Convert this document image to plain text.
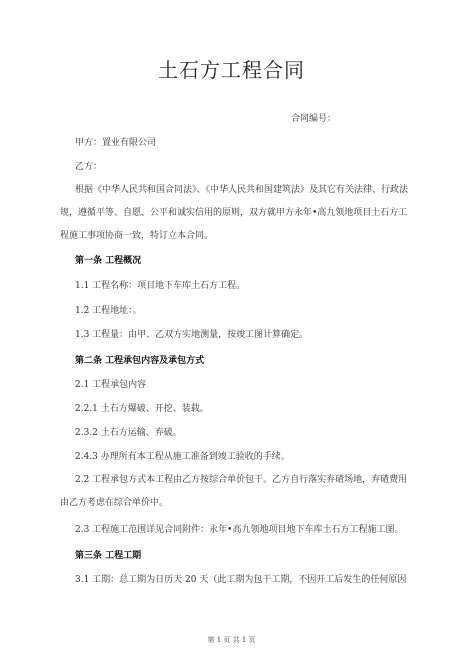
土石方工程合同
合同编号：
甲方：置业有限公司
乙方：
根据《中华人民共和国合同法》、《中华人民共和国建筑法》及其它有关法律、行政法规，遵循平等、自愿、公平和诚实信用的原则，双方就甲方永年•高九领地项目土石方工程施工事项协商一致，特订立本合同。
第一条 工程概况
1.1 工程名称：项目地下车库土石方工程。
1.2 工程地址：。
1.3 工程量：由甲、乙双方实地测量，按竣工图计算确定。
第二条 工程承包内容及承包方式
2.1 工程承包内容
2.2.1 土石方爆破、开挖、装载。
2.3.2 土石方运输、弃破。
2.4.3 办理所有本工程从施工准备到竣工验收的手续。
2.2 工程承包方式本工程由乙方按综合单价包干。乙方自行落实弃碴场地，弃碴费用由乙方考虑在综合单价中。
2.3 工程施工范围详见合同附件：永年•高九领地项目地下车库土石方工程施工图。
第三条 工程工期
3.1 工期：总工期为日历天 20 天（此工期为包干工期，不因开工后发生的任何原因
第 1 页 共 1 页
